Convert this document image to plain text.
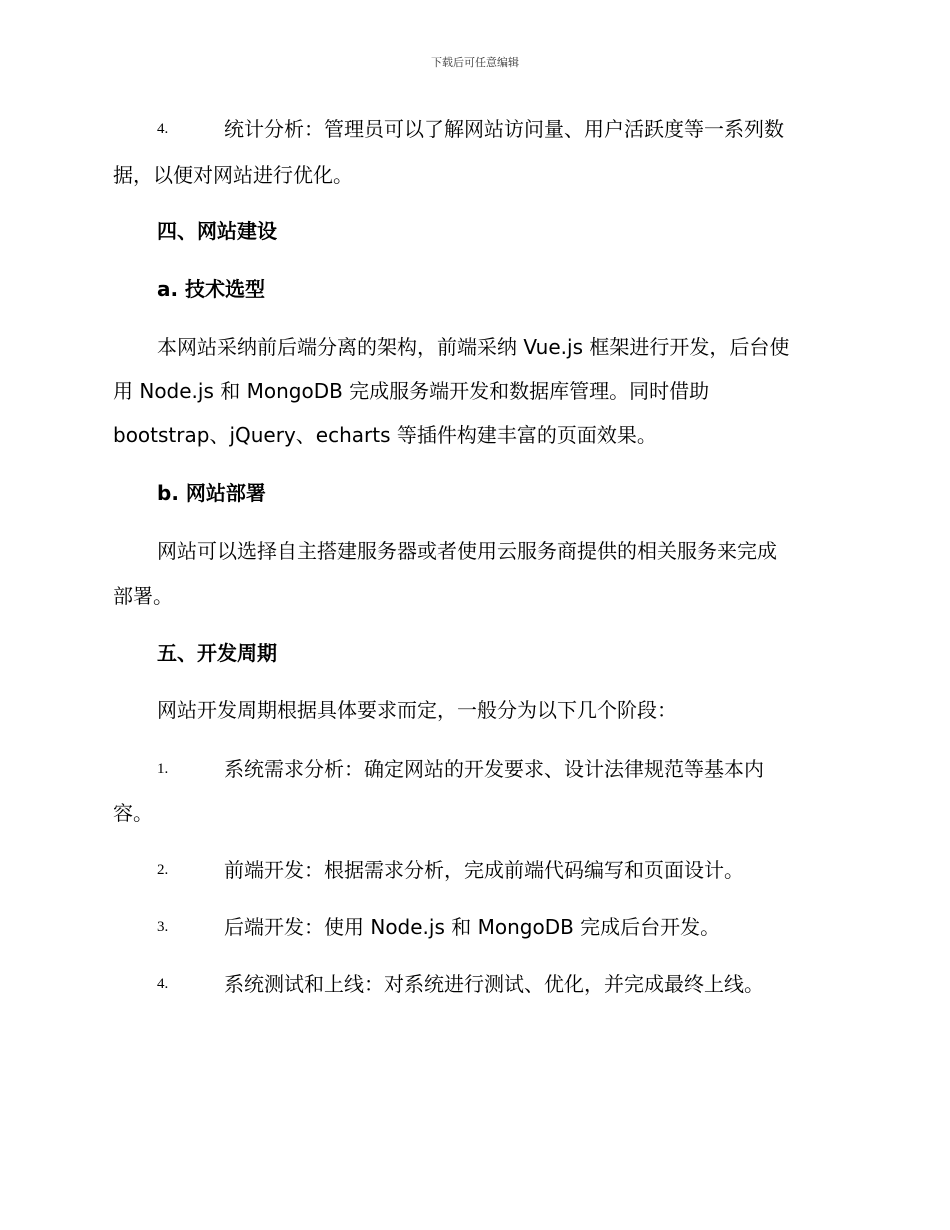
下载后可任意编辑
4.	统计分析：管理员可以了解网站访问量、用户活跃度等一系列数
据，以便对网站进行优化。
四、网站建设
a. 技术选型
本网站采纳前后端分离的架构，前端采纳 Vue.js 框架进行开发，后台使
用 Node.js 和 MongoDB 完成服务端开发和数据库管理。同时借助
bootstrap、jQuery、echarts 等插件构建丰富的页面效果。
b. 网站部署
网站可以选择自主搭建服务器或者使用云服务商提供的相关服务来完成
部署。
五、开发周期
网站开发周期根据具体要求而定，一般分为以下几个阶段：
1.	系统需求分析：确定网站的开发要求、设计法律规范等基本内
容。
2.	前端开发：根据需求分析，完成前端代码编写和页面设计。
3.	后端开发：使用 Node.js 和 MongoDB 完成后台开发。
4.	系统测试和上线：对系统进行测试、优化，并完成最终上线。
